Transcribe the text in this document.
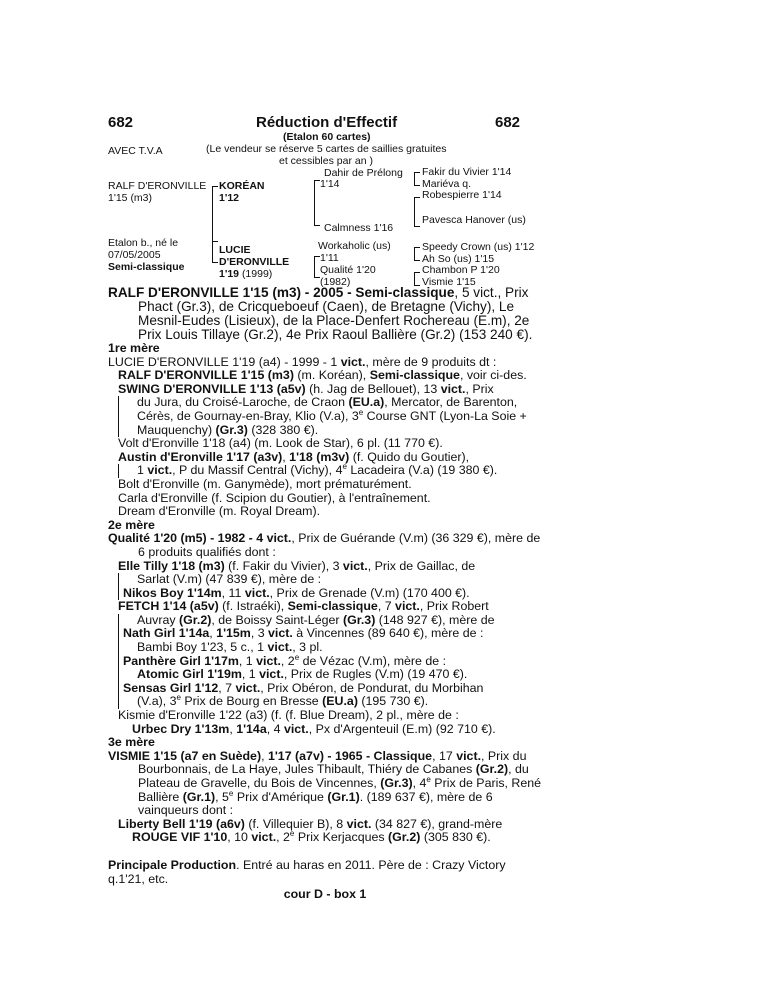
682	Réduction d'Effectif	682
AVEC T.V.A
(Etalon 60 cartes)
(Le vendeur se réserve 5 cartes de saillies gratuites
et cessibles par an )
RALF D'ERONVILLE
1'15 (m3)
Etalon b., né le
07/05/2005
Semi-classique
KORÉAN
1'12
LUCIE
D'ERONVILLE
1'19 (1999)
Dahir de Prélong
1'14
Calmness 1'16
Workaholic (us)
1'11
Qualité 1'20
(1982)
Fakir du Vivier 1'14
Mariéva q.
Robespierre 1'14
Pavesca Hanover (us)
Speedy Crown (us) 1'12
Ah So (us) 1'15
Chambon P 1'20
Vismie 1'15

RALF D'ERONVILLE 1'15 (m3) - 2005 - Semi-classique, 5 vict., Prix Phact (Gr.3), de Cricqueboeuf (Caen), de Bretagne (Vichy), Le Mesnil-Eudes (Lisieux), de la Place-Denfert Rochereau (E.m), 2e Prix Louis Tillaye (Gr.2), 4e Prix Raoul Ballière (Gr.2) (153 240 €).

1re mère

LUCIE D'ERONVILLE 1'19 (a4) - 1999 - 1 vict., mère de 9 produits dt :

RALF D'ERONVILLE 1'15 (m3) (m. Koréan), Semi-classique, voir ci-des.

SWING D'ERONVILLE 1'13 (a5v) (h. Jag de Bellouet), 13 vict., Prix

du Jura, du Croisé-Laroche, de Craon (EU.a), Mercator, de Barenton, Cérès, de Gournay-en-Bray, Klio (V.a), 3e Course GNT (Lyon-La Soie + Mauquenchy) (Gr.3) (328 380 €).

Volt d'Eronville 1'18 (a4) (m. Look de Star), 6 pl. (11 770 €).

Austin d'Eronville 1'17 (a3v), 1'18 (m3v) (f. Quido du Goutier),

1 vict., P du Massif Central (Vichy), 4e Lacadeira (V.a) (19 380 €).

Bolt d'Eronville (m. Ganymède), mort prématurément.

Carla d'Eronville (f. Scipion du Goutier), à l'entraînement.

Dream d'Eronville (m. Royal Dream).

2e mère

Qualité 1'20 (m5) - 1982 - 4 vict., Prix de Guérande (V.m) (36 329 €), mère de 6 produits qualifiés dont :

Elle Tilly 1'18 (m3) (f. Fakir du Vivier), 3 vict., Prix de Gaillac, de

Sarlat (V.m) (47 839 €), mère de :

Nikos Boy 1'14m, 11 vict., Prix de Grenade (V.m) (170 400 €).

FETCH 1'14 (a5v) (f. Istraéki), Semi-classique, 7 vict., Prix Robert

Auvray (Gr.2), de Boissy Saint-Léger (Gr.3) (148 927 €), mère de

Nath Girl 1'14a, 1'15m, 3 vict. à Vincennes (89 640 €), mère de :

Bambi Boy 1'23, 5 c., 1 vict., 3 pl.

Panthère Girl 1'17m, 1 vict., 2e de Vézac (V.m), mère de :

Atomic Girl 1'19m, 1 vict., Prix de Rugles (V.m) (19 470 €).

Sensas Girl 1'12, 7 vict., Prix Obéron, de Pondurat, du Morbihan

(V.a), 3e Prix de Bourg en Bresse (EU.a) (195 730 €).

Kismie d'Eronville 1'22 (a3) (f. (f. Blue Dream), 2 pl., mère de :

Urbec Dry 1'13m, 1'14a, 4 vict., Px d'Argenteuil (E.m) (92 710 €).

3e mère

VISMIE 1'15 (a7 en Suède), 1'17 (a7v) - 1965 - Classique, 17 vict., Prix du Bourbonnais, de La Haye, Jules Thibault, Thiéry de Cabanes (Gr.2), du Plateau de Gravelle, du Bois de Vincennes, (Gr.3), 4e Prix de Paris, René Ballière (Gr.1), 5e Prix d'Amérique (Gr.1). (189 637 €), mère de 6 vainqueurs dont :

Liberty Bell 1'19 (a6v) (f. Villequier B), 8 vict. (34 827 €), grand-mère

ROUGE VIF 1'10, 10 vict., 2e Prix Kerjacques (Gr.2) (305 830 €).

Principale Production. Entré au haras en 2011. Père de : Crazy Victory q.1'21, etc.

cour D - box 1
